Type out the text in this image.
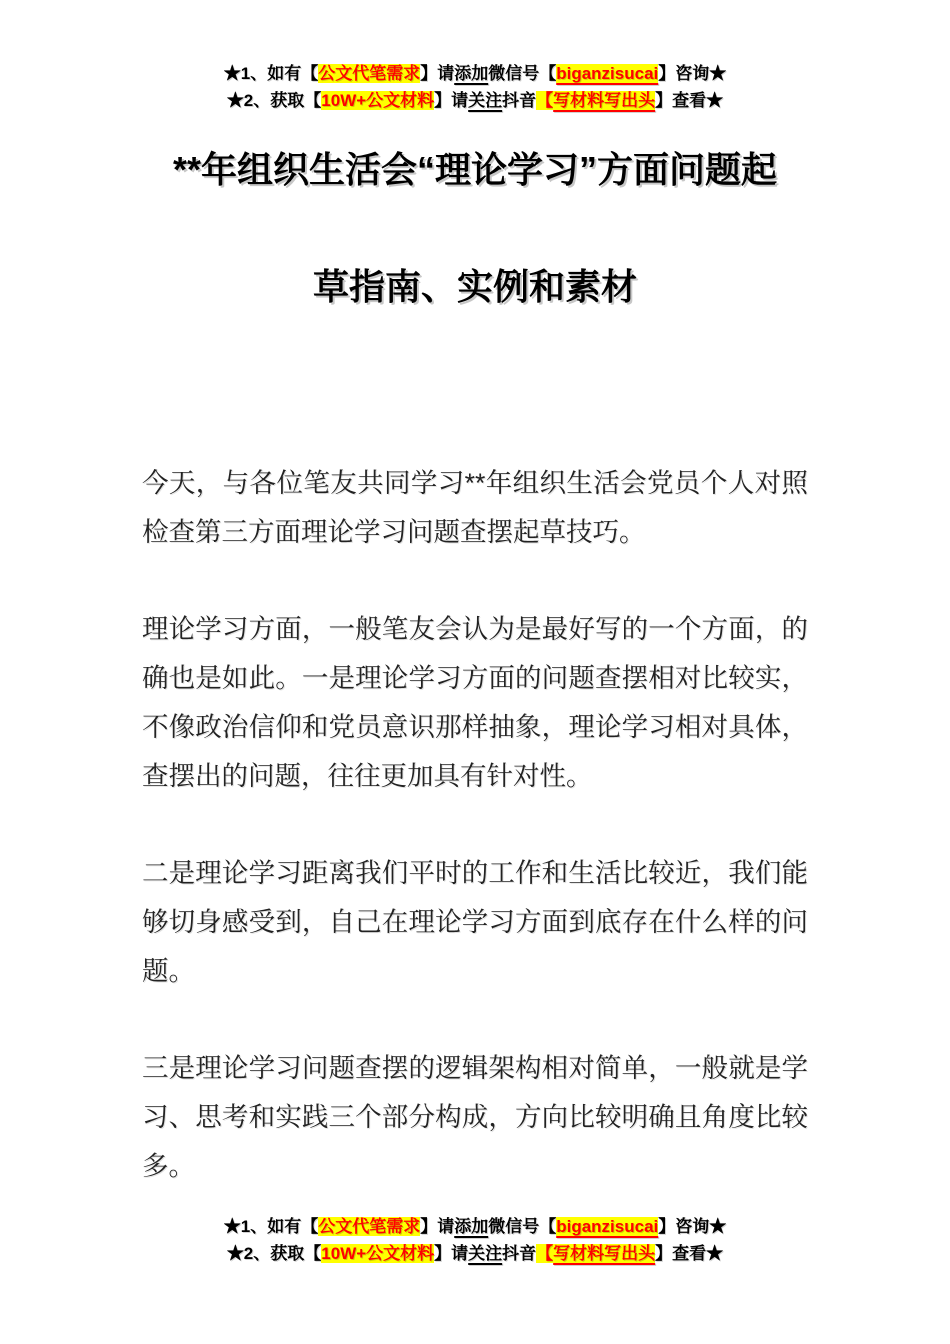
★1、如有【公文代笔需求】请添加微信号【biganzisucai】咨询★
★2、获取【10W+公文材料】请关注抖音【写材料写出头】查看★
**年组织生活会“理论学习”方面问题起
草指南、实例和素材

今天，与各位笔友共同学习**年组织生活会党员个人对照检查第三方面理论学习问题查摆起草技巧。

理论学习方面，一般笔友会认为是最好写的一个方面，的确也是如此。一是理论学习方面的问题查摆相对比较实，不像政治信仰和党员意识那样抽象，理论学习相对具体，查摆出的问题，往往更加具有针对性。

二是理论学习距离我们平时的工作和生活比较近，我们能够切身感受到，自己在理论学习方面到底存在什么样的问题。

三是理论学习问题查摆的逻辑架构相对简单，一般就是学习、思考和实践三个部分构成，方向比较明确且角度比较多。

★1、如有【公文代笔需求】请添加微信号【biganzisucai】咨询★
★2、获取【10W+公文材料】请关注抖音【写材料写出头】查看★
